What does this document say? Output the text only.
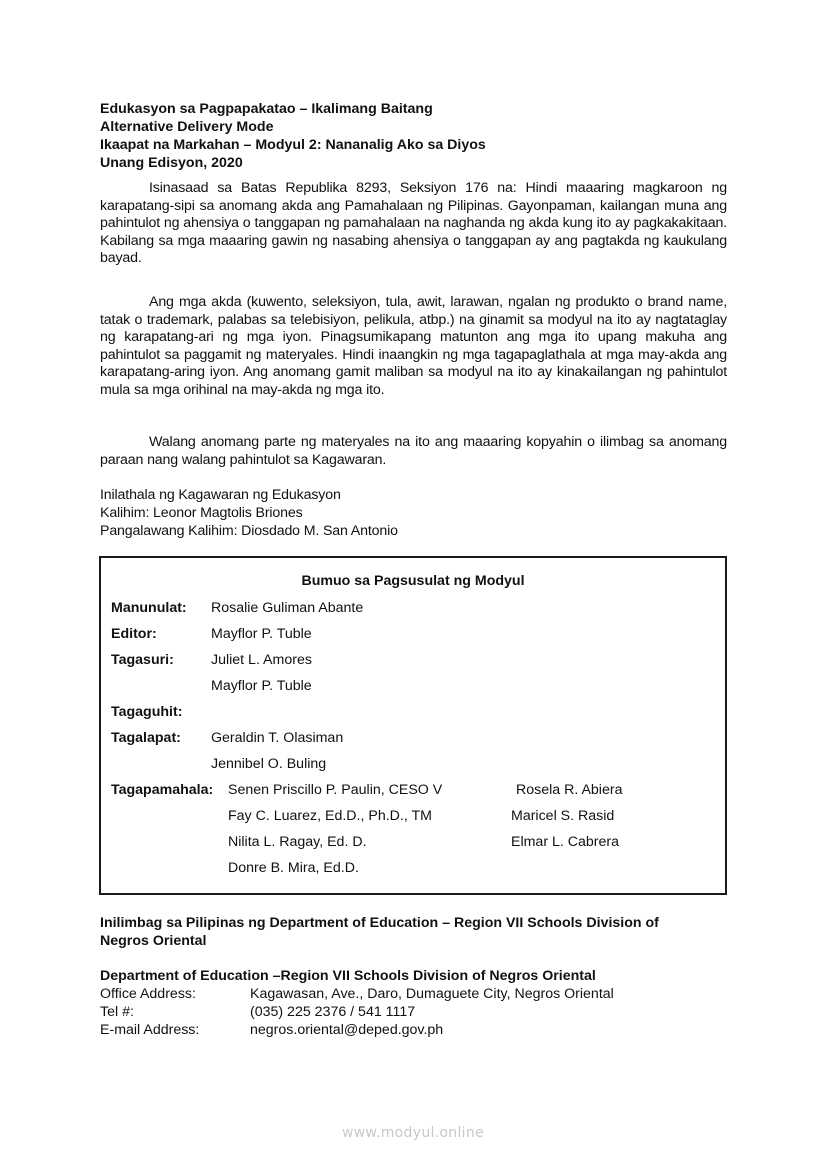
Edukasyon sa Pagpapakatao – Ikalimang Baitang
Alternative Delivery Mode
Ikaapat na Markahan – Modyul 2: Nananalig Ako sa Diyos
Unang Edisyon, 2020
Isinasaad sa Batas Republika 8293, Seksiyon 176 na: Hindi maaaring magkaroon ng karapatang-sipi sa anomang akda ang Pamahalaan ng Pilipinas. Gayonpaman, kailangan muna ang pahintulot ng ahensiya o tanggapan ng pamahalaan na naghanda ng akda kung ito ay pagkakakitaan. Kabilang sa mga maaaring gawin ng nasabing ahensiya o tanggapan ay ang pagtakda ng kaukulang bayad.
Ang mga akda (kuwento, seleksiyon, tula, awit, larawan, ngalan ng produkto o brand name, tatak o trademark, palabas sa telebisiyon, pelikula, atbp.) na ginamit sa modyul na ito ay nagtataglay ng karapatang-ari ng mga iyon. Pinagsumikapang matunton ang mga ito upang makuha ang pahintulot sa paggamit ng materyales. Hindi inaangkin ng mga tagapaglathala at mga may-akda ang karapatang-aring iyon. Ang anomang gamit maliban sa modyul na ito ay kinakailangan ng pahintulot mula sa mga orihinal na may-akda ng mga ito.
Walang anomang parte ng materyales na ito ang maaaring kopyahin o ilimbag sa anomang paraan nang walang pahintulot sa Kagawaran.
Inilathala ng Kagawaran ng Edukasyon
Kalihim: Leonor Magtolis Briones
Pangalawang Kalihim: Diosdado M. San Antonio
Bumuo sa Pagsusulat ng Modyul
Manunulat: Rosalie Guliman Abante
Editor:	Mayflor P. Tuble
Tagasuri:	Juliet L. Amores
Mayflor P. Tuble
Tagaguhit:
Tagalapat: Geraldin T. Olasiman
Jennibel O. Buling
Tagapamahala: Senen Priscillo P. Paulin, CESO V	Rosela R. Abiera
Fay C. Luarez, Ed.D., Ph.D., TM	Maricel S. Rasid
Nilita L. Ragay, Ed. D.	Elmar L. Cabrera
Donre B. Mira, Ed.D.
Inilimbag sa Pilipinas ng Department of Education – Region VII Schools Division of
Negros Oriental
Department of Education –Region VII Schools Division of Negros Oriental
Office Address:	Kagawasan, Ave., Daro, Dumaguete City, Negros Oriental
Tel #:	(035) 225 2376 / 541 1117
E-mail Address:	negros.oriental@deped.gov.ph
www.modyul.online
